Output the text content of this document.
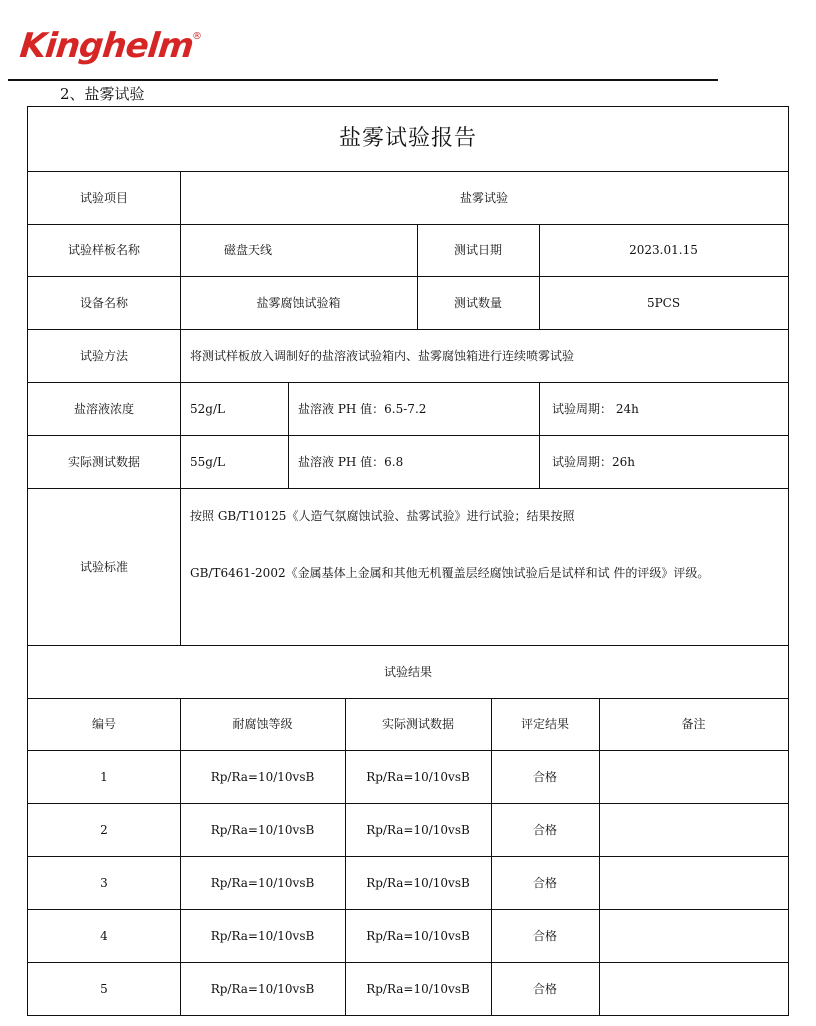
Kinghelm
®
2、盐雾试验
盐雾试验报告
试验项目	盐雾试验
试验样板名称	磁盘天线	测试日期	2023.01.15
设备名称	盐雾腐蚀试验箱	测试数量	5PCS
试验方法	将测试样板放入调制好的盐溶液试验箱内、盐雾腐蚀箱进行连续喷雾试验
盐溶液浓度	52g/L	盐溶液 PH 值：6.5-7.2	试验周期： 24h
实际测试数据	55g/L	盐溶液 PH 值：6.8	试验周期：26h
试验标准
按照 GB/T10125《人造气氛腐蚀试验、盐雾试验》进行试验；结果按照
GB/T6461-2002《金属基体上金属和其他无机覆盖层经腐蚀试验后是试样和试 件的评级》评级。
试验结果
编号	耐腐蚀等级	实际测试数据	评定结果	备注
1	Rp/Ra=10/10vsB	Rp/Ra=10/10vsB	合格
2	Rp/Ra=10/10vsB	Rp/Ra=10/10vsB	合格
3	Rp/Ra=10/10vsB	Rp/Ra=10/10vsB	合格
4	Rp/Ra=10/10vsB	Rp/Ra=10/10vsB	合格
5	Rp/Ra=10/10vsB	Rp/Ra=10/10vsB	合格
